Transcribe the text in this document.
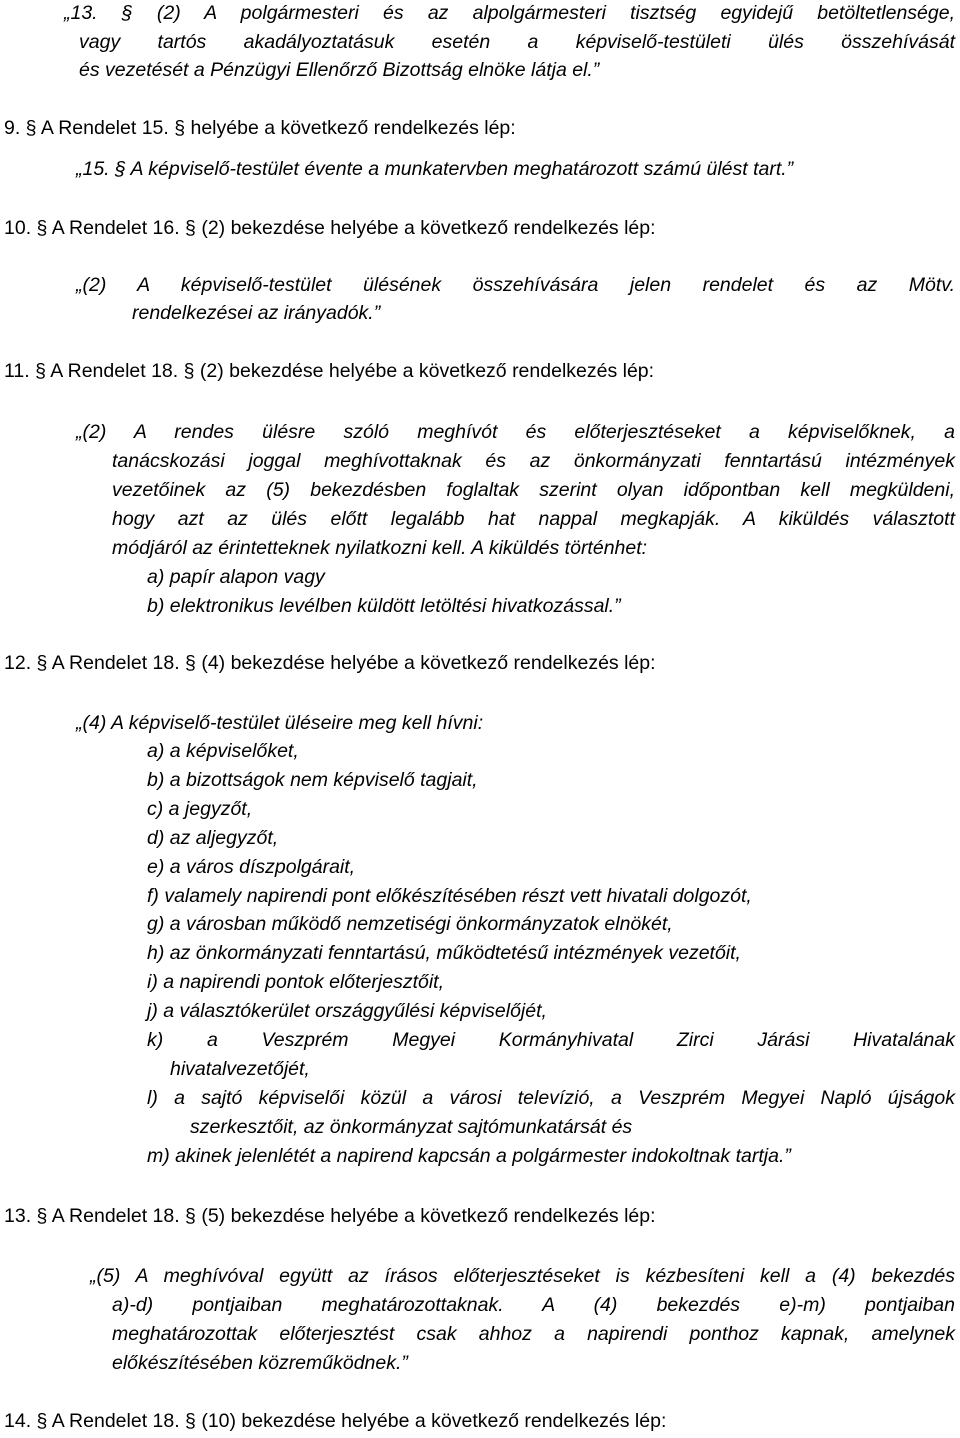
„13. § (2) A polgármesteri és az alpolgármesteri tisztség egyidejű betöltetlensége,
vagy tartós akadályoztatásuk esetén a képviselő-testületi ülés összehívását
és vezetését a Pénzügyi Ellenőrző Bizottság elnöke látja el.”
9. § A Rendelet 15. § helyébe a következő rendelkezés lép:
„15. § A képviselő-testület évente a munkatervben meghatározott számú ülést tart.”
10. § A Rendelet 16. § (2) bekezdése helyébe a következő rendelkezés lép:
„(2) A képviselő-testület ülésének összehívására jelen rendelet és az Mötv.
rendelkezései az irányadók.”
11. § A Rendelet 18. § (2) bekezdése helyébe a következő rendelkezés lép:
„(2) A rendes ülésre szóló meghívót és előterjesztéseket a képviselőknek, a
tanácskozási joggal meghívottaknak és az önkormányzati fenntartású intézmények
vezetőinek az (5) bekezdésben foglaltak szerint olyan időpontban kell megküldeni,
hogy azt az ülés előtt legalább hat nappal megkapják. A kiküldés választott
módjáról az érintetteknek nyilatkozni kell. A kiküldés történhet:
a) papír alapon vagy
b) elektronikus levélben küldött letöltési hivatkozással.”
12. § A Rendelet 18. § (4) bekezdése helyébe a következő rendelkezés lép:
„(4) A képviselő-testület üléseire meg kell hívni:
a) a képviselőket,
b) a bizottságok nem képviselő tagjait,
c) a jegyzőt,
d) az aljegyzőt,
e) a város díszpolgárait,
f) valamely napirendi pont előkészítésében részt vett hivatali dolgozót,
g) a városban működő nemzetiségi önkormányzatok elnökét,
h) az önkormányzati fenntartású, működtetésű intézmények vezetőit,
i) a napirendi pontok előterjesztőit,
j) a választókerület országgyűlési képviselőjét,
k) a Veszprém Megyei Kormányhivatal Zirci Járási Hivatalának
hivatalvezetőjét,
l) a sajtó képviselői közül a városi televízió, a Veszprém Megyei Napló újságok
szerkesztőit, az önkormányzat sajtómunkatársát és
m) akinek jelenlétét a napirend kapcsán a polgármester indokoltnak tartja.”
13. § A Rendelet 18. § (5) bekezdése helyébe a következő rendelkezés lép:
„(5) A meghívóval együtt az írásos előterjesztéseket is kézbesíteni kell a (4) bekezdés
a)-d) pontjaiban meghatározottaknak. A (4) bekezdés e)-m) pontjaiban
meghatározottak előterjesztést csak ahhoz a napirendi ponthoz kapnak, amelynek
előkészítésében közreműködnek.”
14. § A Rendelet 18. § (10) bekezdése helyébe a következő rendelkezés lép:
